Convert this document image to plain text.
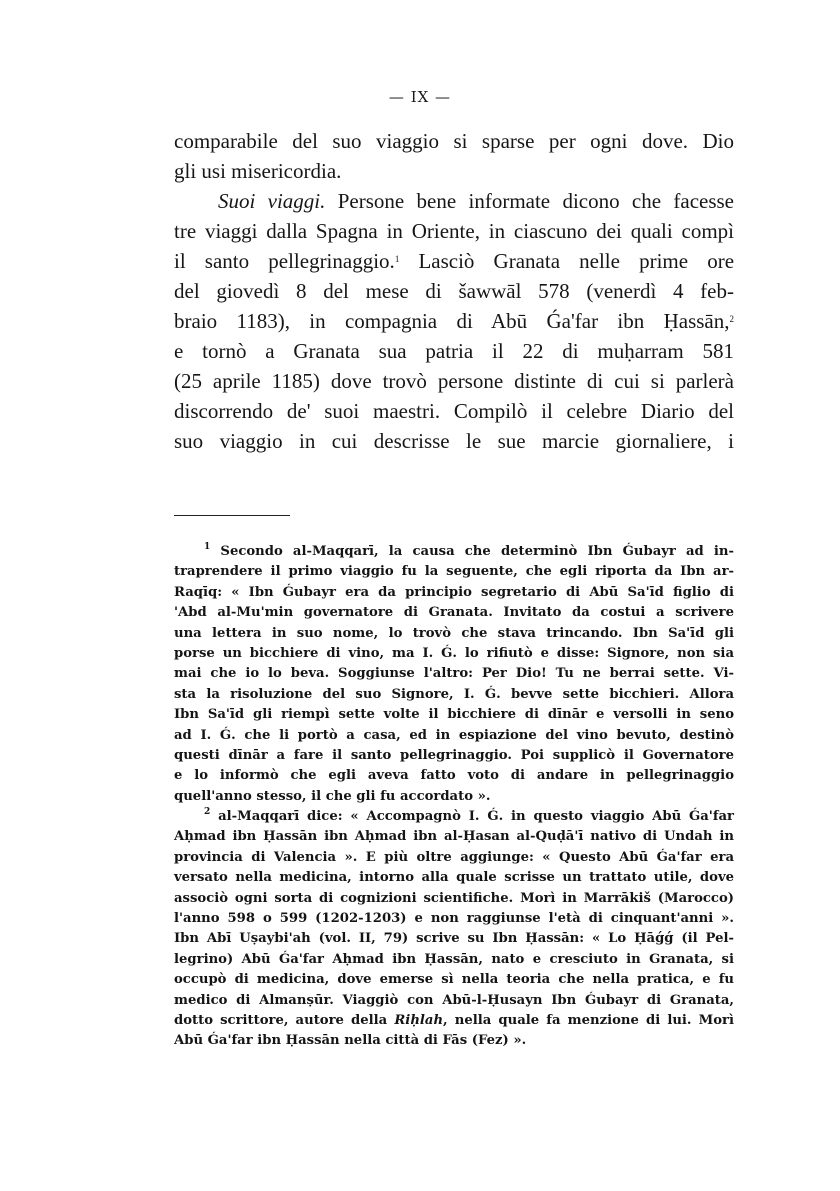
— IX —
comparabile del suo viaggio si sparse per ogni dove. Dio
gli usi misericordia.
Suoi viaggi. Persone bene informate dicono che facesse
tre viaggi dalla Spagna in Oriente, in ciascuno dei quali compì
il santo pellegrinaggio.$^1$ Lasciò Granata nelle prime ore
del giovedì 8 del mese di šawwāl 578 (venerdì 4 feb-
braio 1183), in compagnia di Abū Ǵa'far ibn Ḥassān,$^2$
e tornò a Granata sua patria il 22 di muḥarram 581
(25 aprile 1185) dove trovò persone distinte di cui si parlerà
discorrendo de' suoi maestri. Compilò il celebre Diario del
suo viaggio in cui descrisse le sue marcie giornaliere, i
$^1$ Secondo al-Maqqarī, la causa che determinò Ibn Ǵubayr ad in-
traprendere il primo viaggio fu la seguente, che egli riporta da Ibn ar-
Raqīq: « Ibn Ǵubayr era da principio segretario di Abū Sa'īd figlio di
'Abd al-Mu'min governatore di Granata. Invitato da costui a scrivere
una lettera in suo nome, lo trovò che stava trincando. Ibn Sa'īd gli
porse un bicchiere di vino, ma I. Ǵ. lo rifiutò e disse: Signore, non sia
mai che io lo beva. Soggiunse l'altro: Per Dio! Tu ne berrai sette. Vi-
sta la risoluzione del suo Signore, I. Ǵ. bevve sette bicchieri. Allora
Ibn Sa'īd gli riempì sette volte il bicchiere di dīnār e versolli in seno
ad I. Ǵ. che li portò a casa, ed in espiazione del vino bevuto, destinò
questi dīnār a fare il santo pellegrinaggio. Poi supplicò il Governatore
e lo informò che egli aveva fatto voto di andare in pellegrinaggio
quell'anno stesso, il che gli fu accordato ».
$^2$ al-Maqqarī dice: « Accompagnò I. Ǵ. in questo viaggio Abū Ǵa'far
Aḥmad ibn Ḥassān ibn Aḥmad ibn al-Ḥasan al-Quḍā'ī nativo di Undah in
provincia di Valencia ». E più oltre aggiunge: « Questo Abū Ǵa'far era
versato nella medicina, intorno alla quale scrisse un trattato utile, dove
associò ogni sorta di cognizioni scientifiche. Morì in Marrākiš (Marocco)
l'anno 598 o 599 (1202-1203) e non raggiunse l'età di cinquant'anni ».
Ibn Abī Uṣaybi'ah (vol. II, 79) scrive su Ibn Ḥassān: « Lo Ḥāǵǵ (il Pel-
legrino) Abū Ǵa'far Aḥmad ibn Ḥassān, nato e cresciuto in Granata, si
occupò di medicina, dove emerse sì nella teoria che nella pratica, e fu
medico di Almanṣūr. Viaggiò con Abū-l-Ḥusayn Ibn Ǵubayr di Granata,
dotto scrittore, autore della Riḥlah, nella quale fa menzione di lui. Morì
Abū Ǵa'far ibn Ḥassān nella città di Fās (Fez) ».
